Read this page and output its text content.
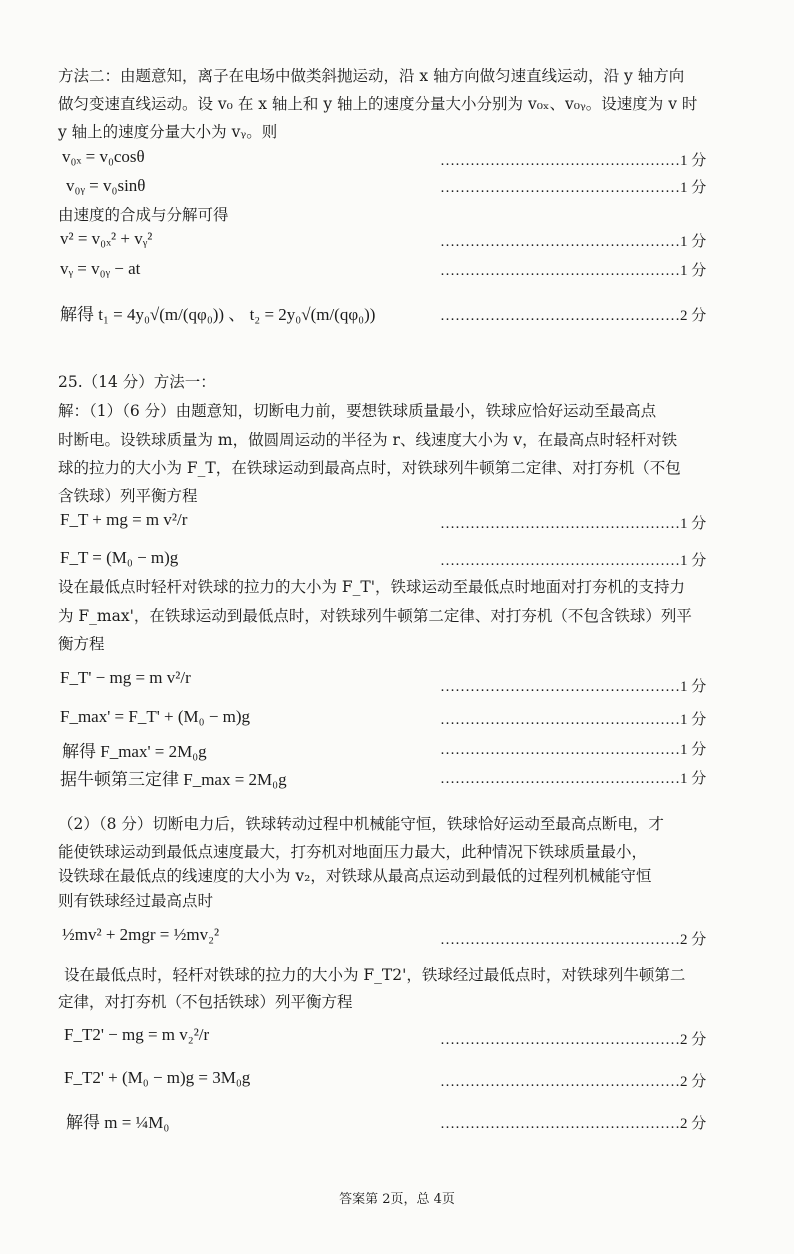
方法二：由题意知，离子在电场中做类斜抛运动，沿 x 轴方向做匀速直线运动，沿 y 轴方向
做匀变速直线运动。设 v₀ 在 x 轴上和 y 轴上的速度分量大小分别为 v₀ₓ、v₀ᵧ。设速度为 v 时
y 轴上的速度分量大小为 vᵧ。则
v₀ₓ = v₀cosθ	…………………………………………1 分
v₀ᵧ = v₀sinθ	…………………………………………1 分
由速度的合成与分解可得
v² = v₀ₓ² + vᵧ²	…………………………………………1 分
vᵧ = v₀ᵧ − at	…………………………………………1 分
解得 t₁ = 4y₀√(m/(qφ₀)) 、 t₂ = 2y₀√(m/(qφ₀))	…………………………………………2 分
25.（14 分）方法一：
解：（1）（6 分）由题意知，切断电力前，要想铁球质量最小，铁球应恰好运动至最高点
时断电。设铁球质量为 m，做圆周运动的半径为 r、线速度大小为 v，在最高点时轻杆对铁
球的拉力的大小为 F_T，在铁球运动到最高点时，对铁球列牛顿第二定律、对打夯机（不包
含铁球）列平衡方程
F_T + mg = m v²/r	…………………………………………1 分
F_T = (M₀ − m)g	…………………………………………1 分
设在最低点时轻杆对铁球的拉力的大小为 F_T'，铁球运动至最低点时地面对打夯机的支持力
为 F_max'，在铁球运动到最低点时，对铁球列牛顿第二定律、对打夯机（不包含铁球）列平
衡方程
F_T' − mg = m v²/r	…………………………………………1 分
F_max' = F_T' + (M₀ − m)g	…………………………………………1 分
解得 F_max' = 2M₀g	…………………………………………1 分
据牛顿第三定律 F_max = 2M₀g	…………………………………………1 分
（2）（8 分）切断电力后，铁球转动过程中机械能守恒，铁球恰好运动至最高点断电，才
能使铁球运动到最低点速度最大，打夯机对地面压力最大，此种情况下铁球质量最小，
设铁球在最低点的线速度的大小为 v₂，对铁球从最高点运动到最低的过程列机械能守恒
则有铁球经过最高点时
½mv² + 2mgr = ½mv₂²	…………………………………………2 分
设在最低点时，轻杆对铁球的拉力的大小为 F_T2'，铁球经过最低点时，对铁球列牛顿第二
定律，对打夯机（不包括铁球）列平衡方程
F_T2' − mg = m v₂²/r	…………………………………………2 分
F_T2' + (M₀ − m)g = 3M₀g	…………………………………………2 分
解得 m = ¼M₀	…………………………………………2 分
答案第 2页，总 4页
